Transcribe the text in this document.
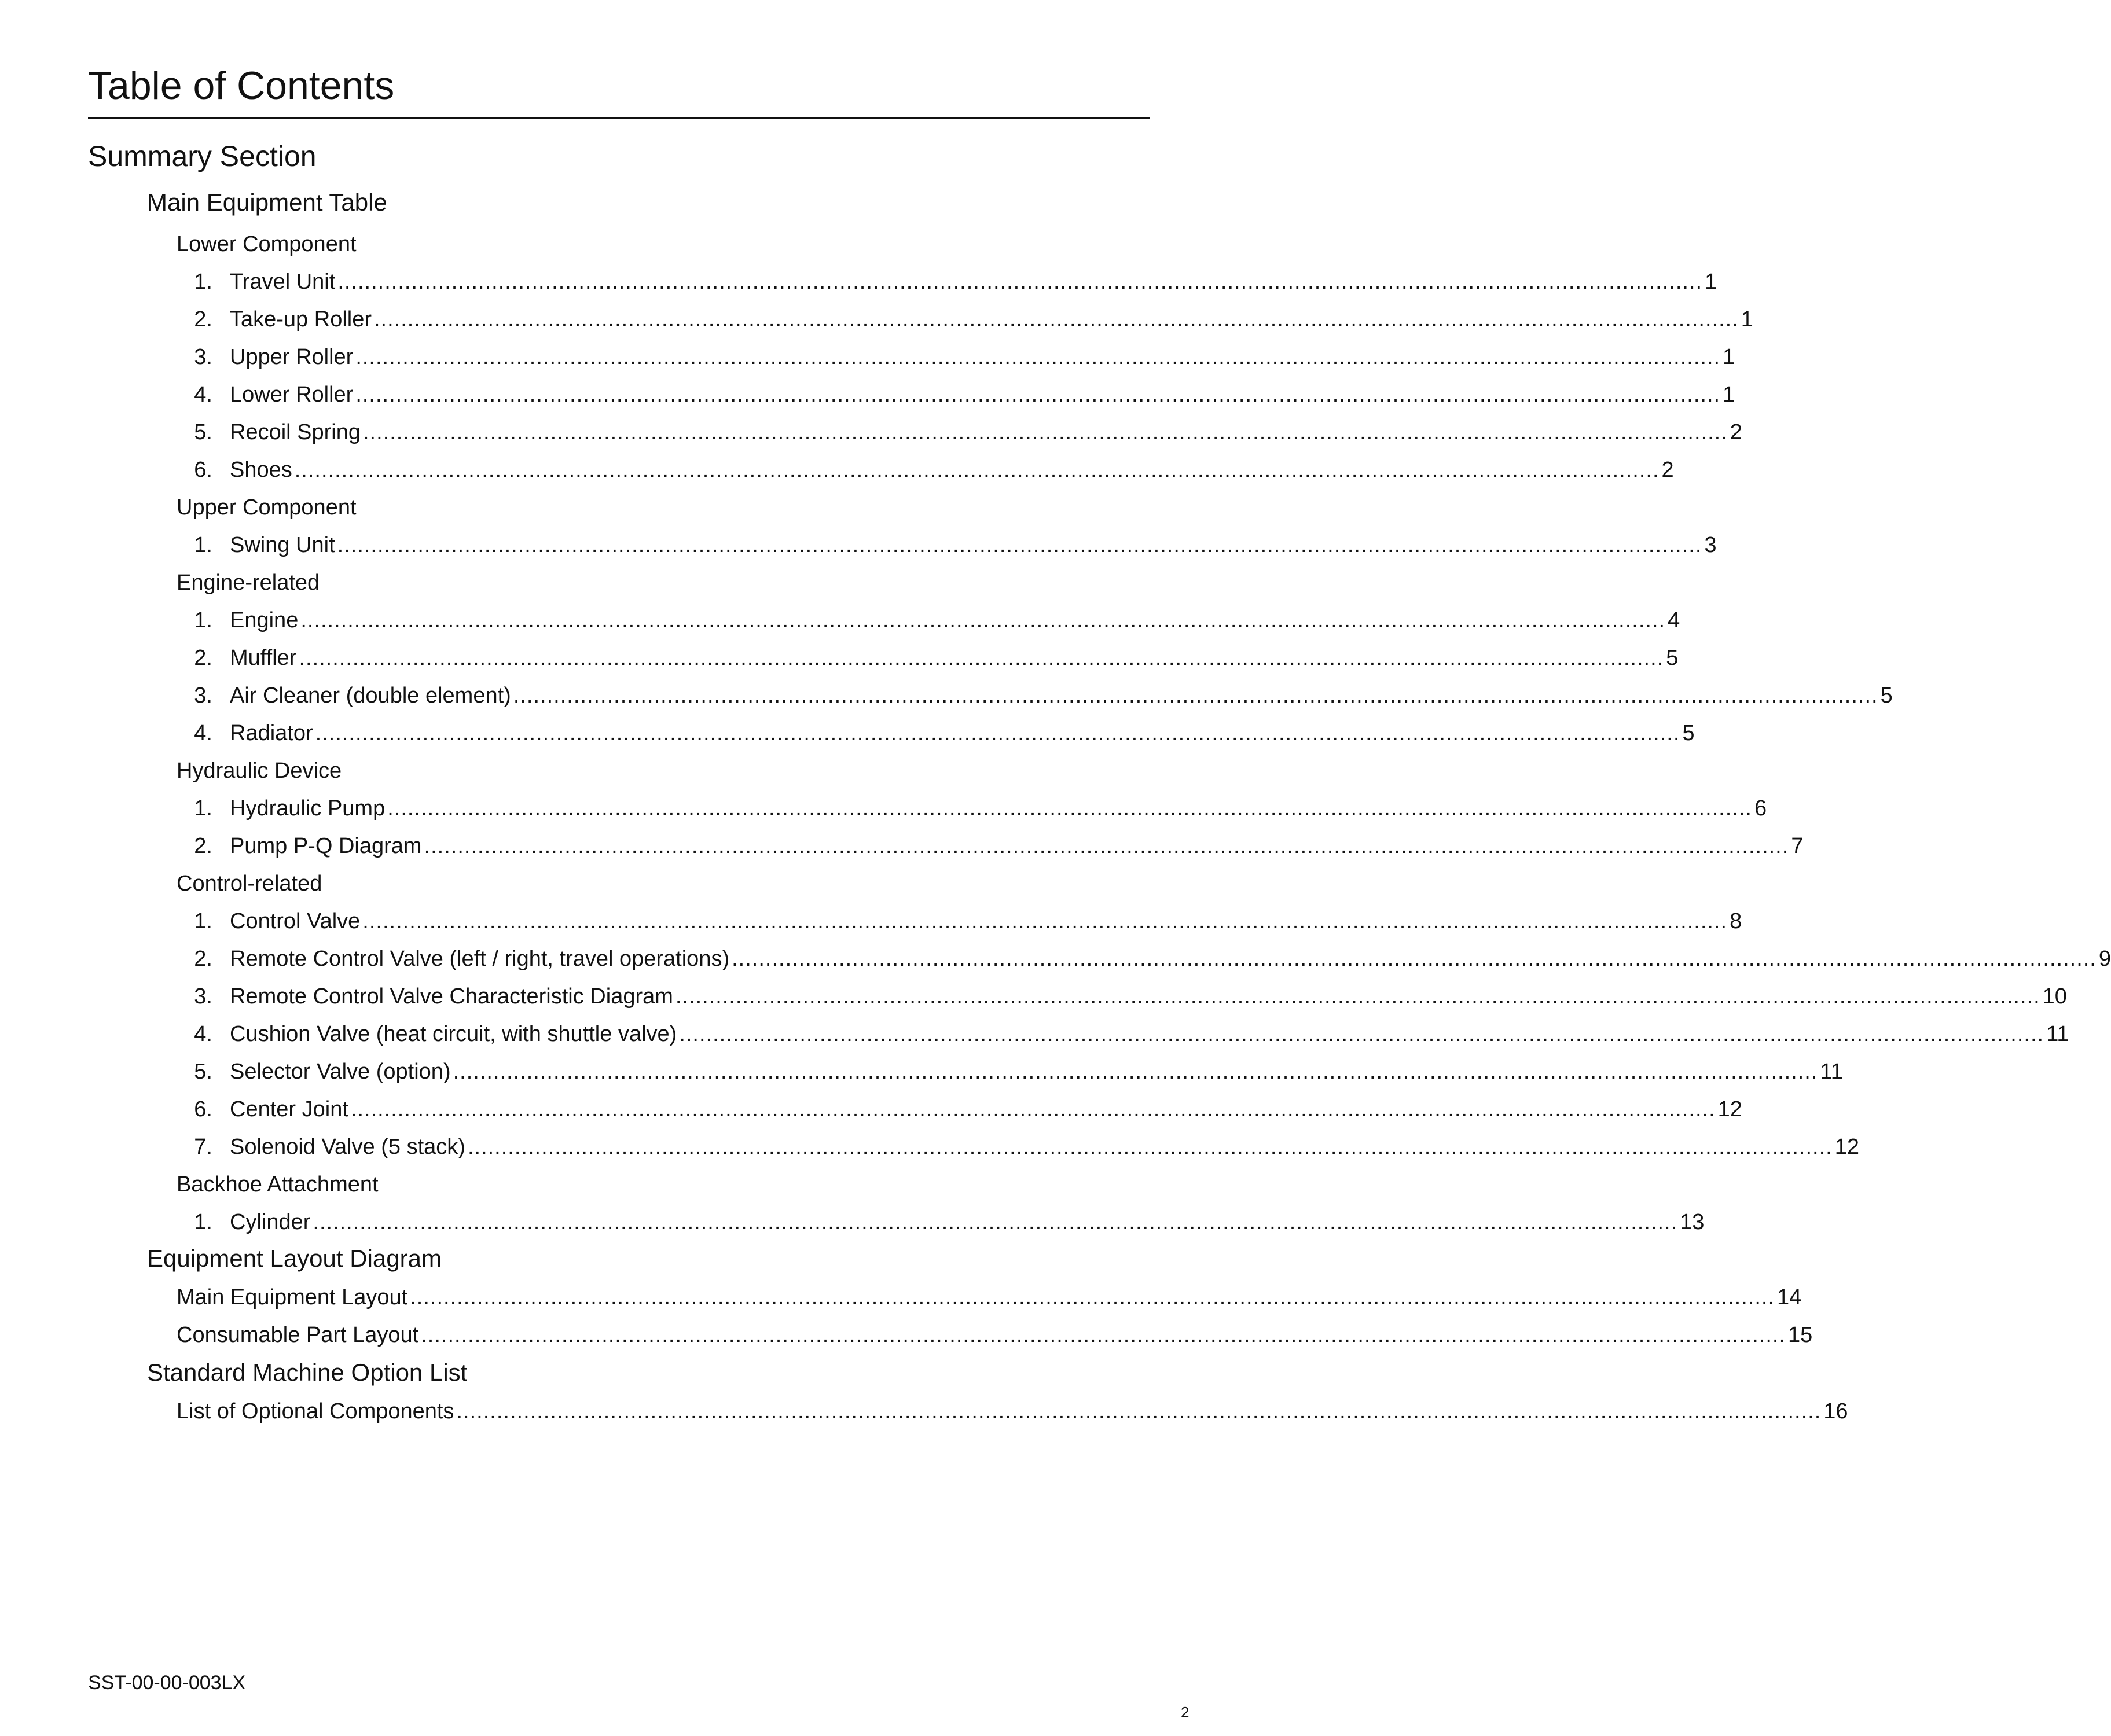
Table of Contents
Summary Section
Main Equipment Table
Lower Component
1. Travel Unit ............................................................................................................................................................................................................ 1
2. Take-up Roller ............................................................................................................................................................................................................ 1
3. Upper Roller ............................................................................................................................................................................................................ 1
4. Lower Roller ............................................................................................................................................................................................................ 1
5. Recoil Spring ............................................................................................................................................................................................................ 2
6. Shoes ............................................................................................................................................................................................................ 2
Upper Component
1. Swing Unit ............................................................................................................................................................................................................ 3
Engine-related
1. Engine ............................................................................................................................................................................................................ 4
2. Muffler ............................................................................................................................................................................................................ 5
3. Air Cleaner (double element) ............................................................................................................................................................................................................ 5
4. Radiator ............................................................................................................................................................................................................ 5
Hydraulic Device
1. Hydraulic Pump ............................................................................................................................................................................................................ 6
2. Pump P-Q Diagram ............................................................................................................................................................................................................ 7
Control-related
1. Control Valve ............................................................................................................................................................................................................ 8
2. Remote Control Valve (left / right, travel operations) ............................................................................................................................................................................................................ 9
3. Remote Control Valve Characteristic Diagram ............................................................................................................................................................................................................ 10
4. Cushion Valve (heat circuit, with shuttle valve) ............................................................................................................................................................................................................ 11
5. Selector Valve (option) ............................................................................................................................................................................................................ 11
6. Center Joint ............................................................................................................................................................................................................ 12
7. Solenoid Valve (5 stack) ............................................................................................................................................................................................................ 12
Backhoe Attachment
1. Cylinder ............................................................................................................................................................................................................ 13
Equipment Layout Diagram
Main Equipment Layout ............................................................................................................................................................................................................ 14
Consumable Part Layout ............................................................................................................................................................................................................ 15
Standard Machine Option List
List of Optional Components ............................................................................................................................................................................................................ 16
SST-00-00-003LX
2
